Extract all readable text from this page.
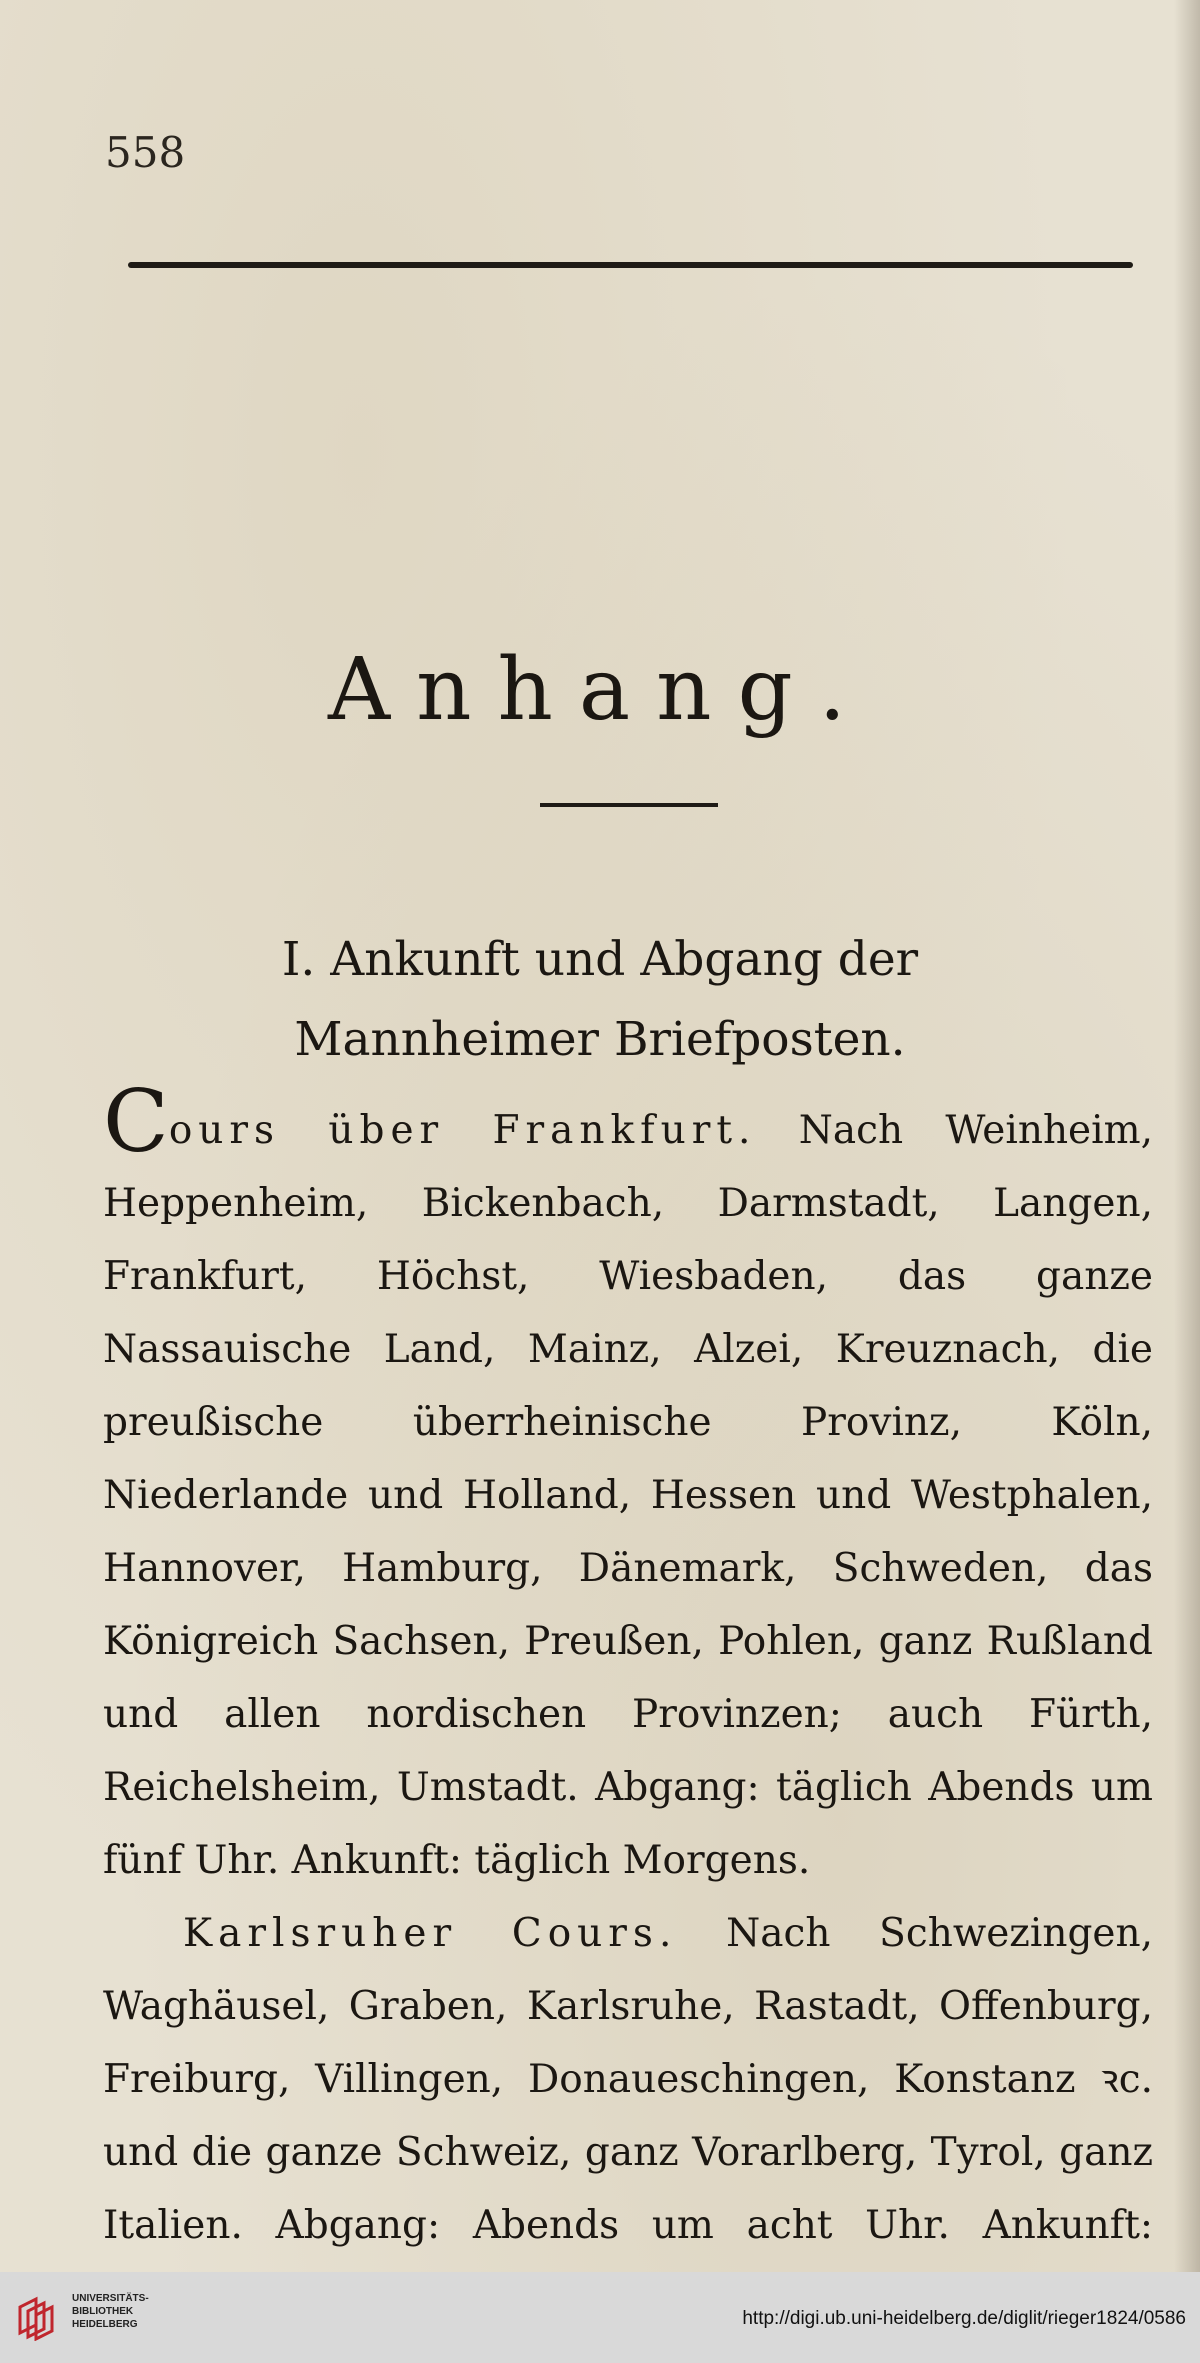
558
Anhang.
I. Ankunft und Abgang der Mannheimer Briefposten.

Cours über Frankfurt. Nach Weinheim, Heppenheim, Bickenbach, Darmstadt, Langen, Frankfurt, Höchst, Wiesbaden, das ganze Nassauische Land, Mainz, Alzei, Kreuznach, die preußische überrheinische Provinz, Köln, Niederlande und Holland, Hessen und Westphalen, Hannover, Hamburg, Dänemark, Schweden, das Königreich Sachsen, Preußen, Pohlen, ganz Rußland und allen nordischen Provinzen; auch Fürth, Reichelsheim, Umstadt. Abgang: täglich Abends um fünf Uhr. Ankunft: täglich Morgens.

Karlsruher Cours. Nach Schwezingen, Waghäusel, Graben, Karlsruhe, Rastadt, Offenburg, Freiburg, Villingen, Donaueschingen, Konstanz ꝛc. und die ganze Schweiz, ganz Vorarlberg, Tyrol, ganz Italien. Abgang: Abends um acht Uhr. Ankunft:

UNIVERSITÄTS-
BIBLIOTHEK
HEIDELBERG	http://digi.ub.uni-heidelberg.de/diglit/rieger1824/0586
